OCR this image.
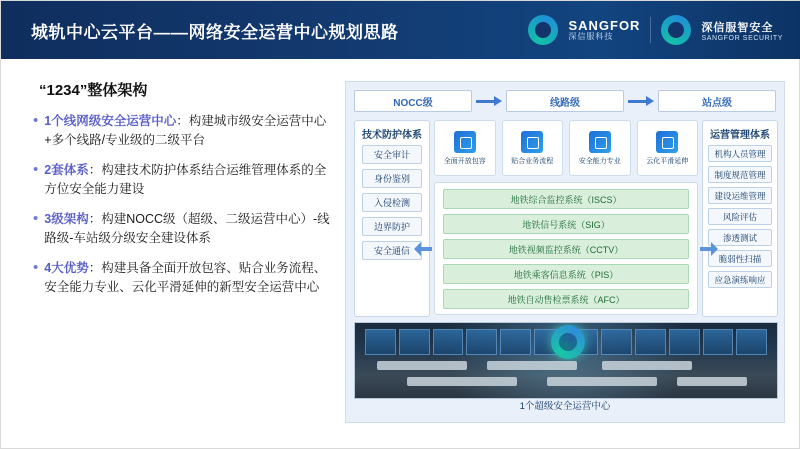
城轨中心云平台——网络安全运营中心规划思路	SANGFOR
深信服科技
深信服智安全
SANGFOR SECURITY
“1234”整体架构
• 1个线网级安全运营中心：构建城市级安全运营中心+多个线路/专业级的二级平台
• 2套体系：构建技术防护体系结合运维管理体系的全方位安全能力建设
• 3级架构：构建NOCC级（超级、二级运营中心）-线路级-车站级分级安全建设体系
• 4大优势：构建具备全面开放包容、贴合业务流程、安全能力专业、云化平滑延伸的新型安全运营中心
NOCC级	线路级	站点级
技术防护体系
安全审计
身份鉴别
入侵检测
边界防护
安全通信
运营管理体系
机构人员管理
制度规范管理
建设运维管理
风险评估
渗透测试
脆弱性扫描
应急演练响应
全面开放包容	贴合业务流程	安全能力专业	云化平滑延伸
地铁综合监控系统（ISCS）
地铁信号系统（SIG）
地铁视频监控系统（CCTV）
地铁乘客信息系统（PIS）
地铁自动售检票系统（AFC）
1个超级安全运营中心
